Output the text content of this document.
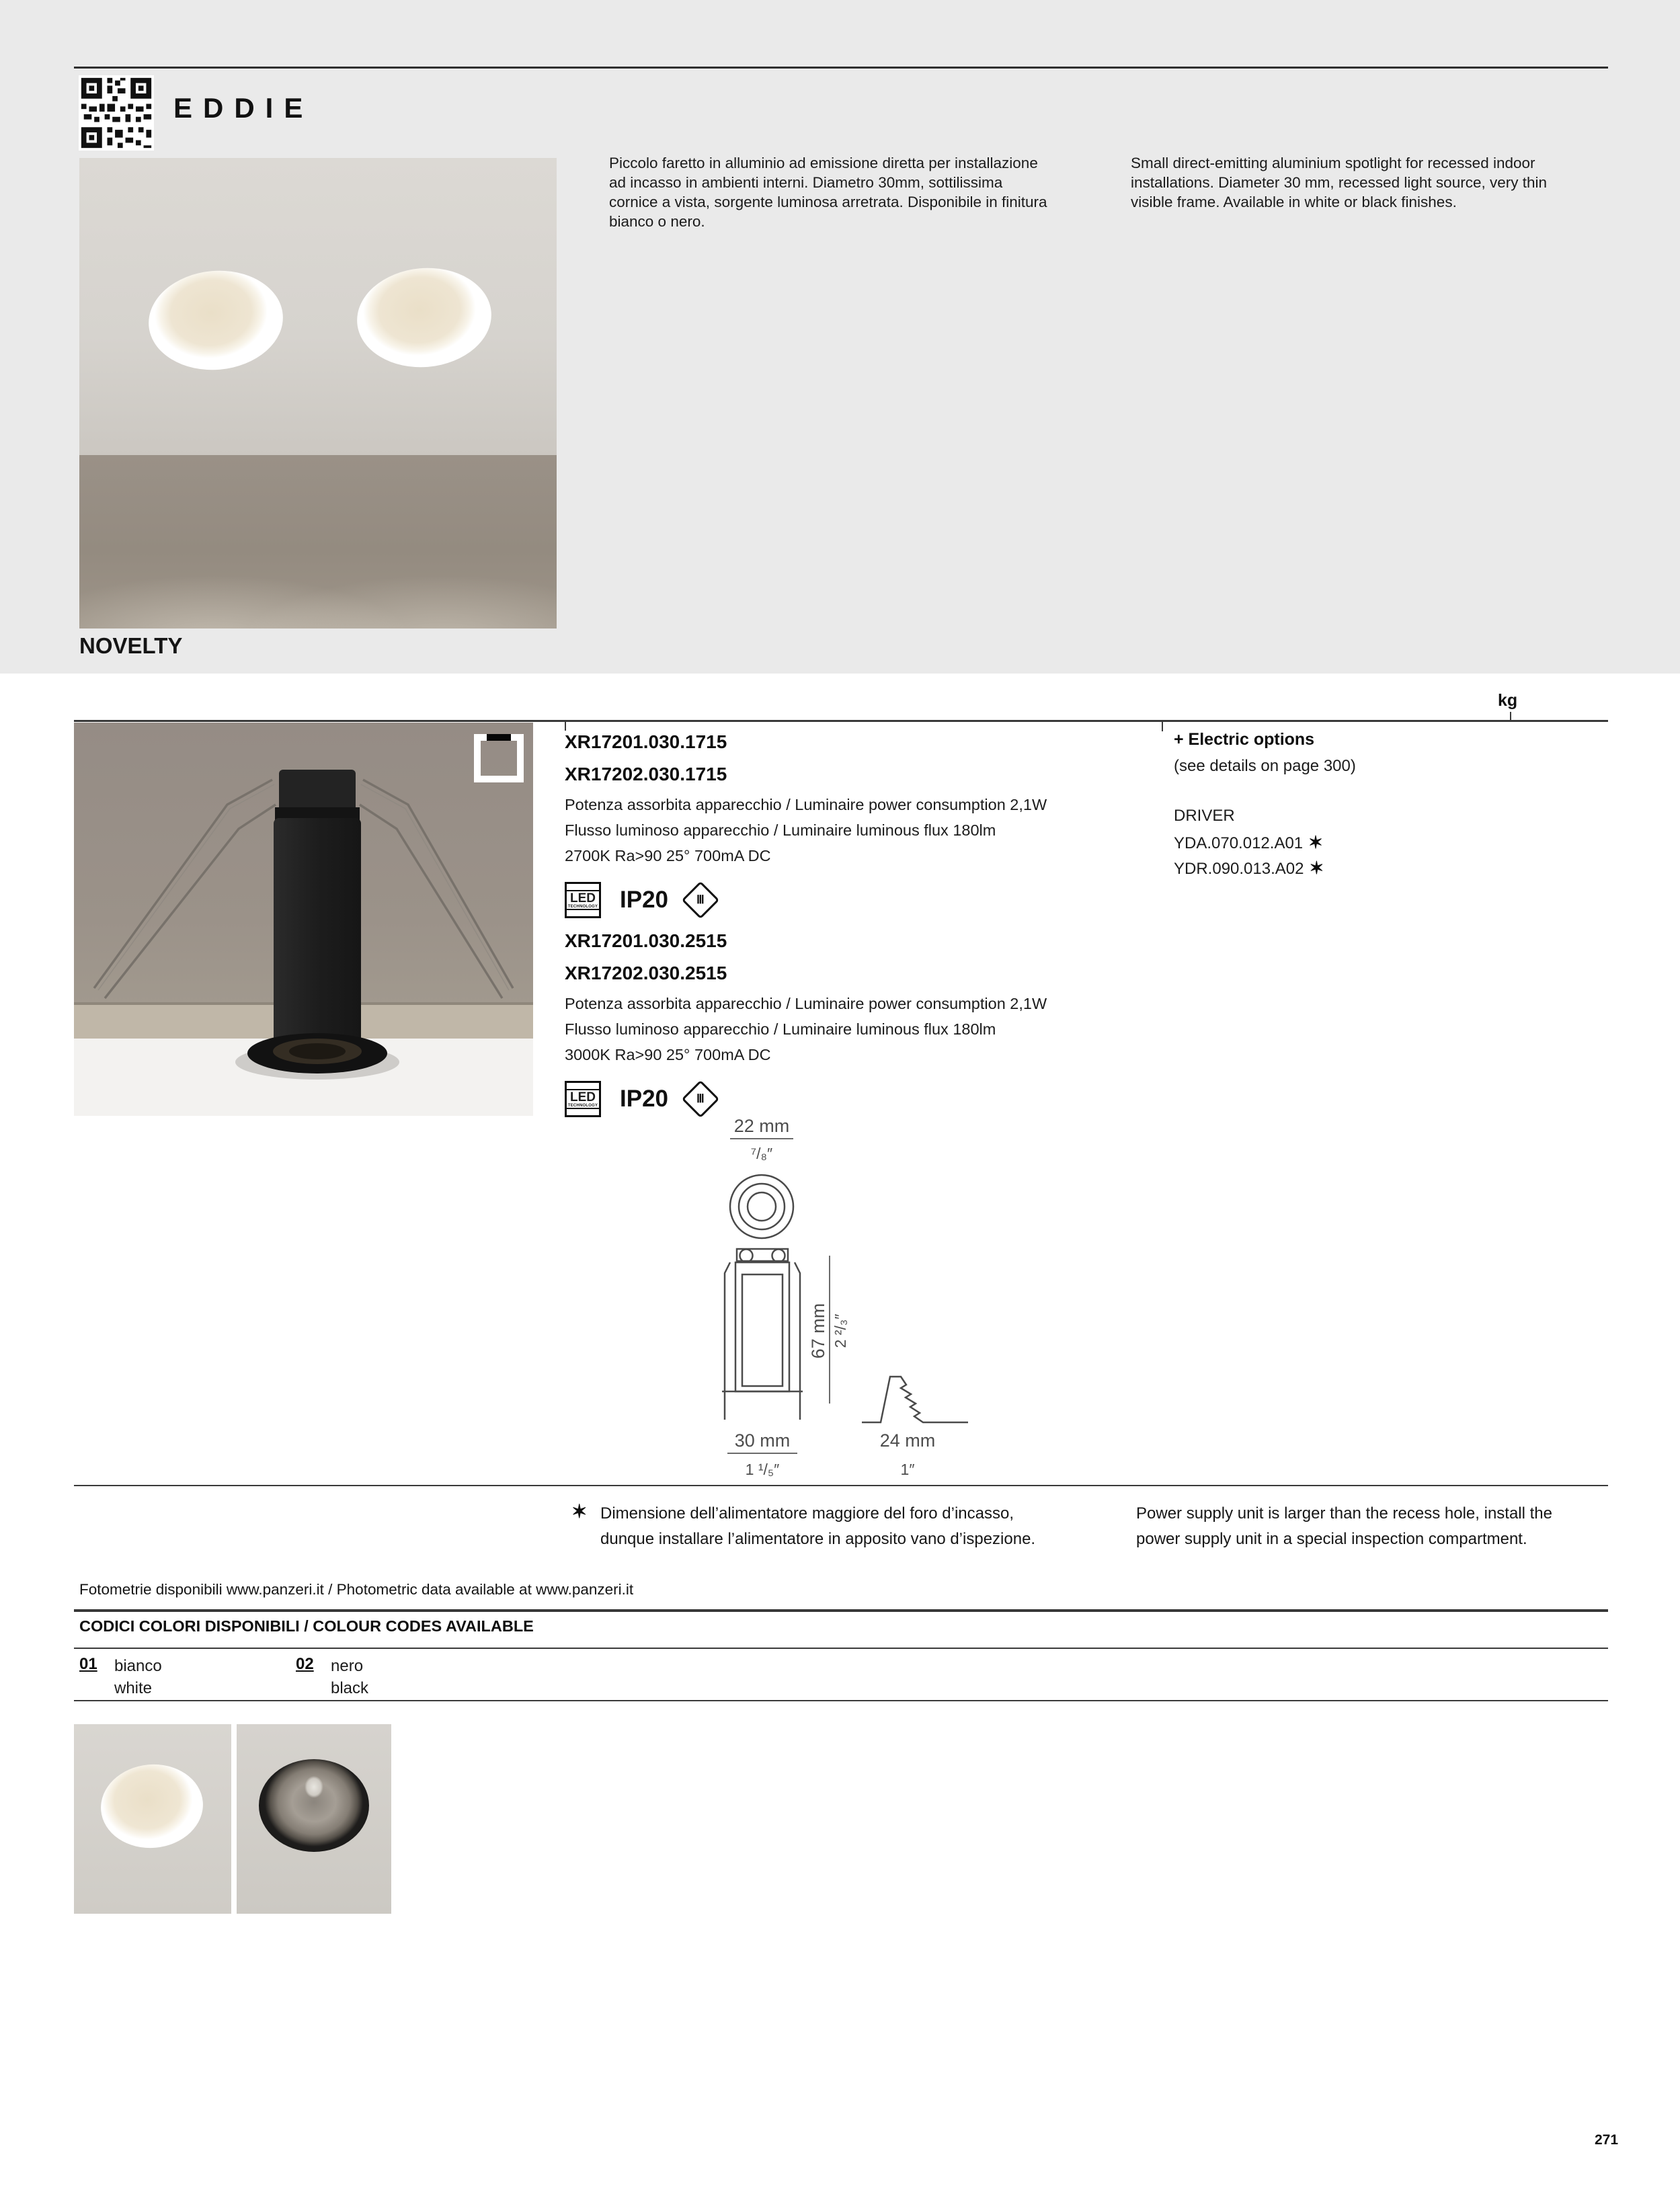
EDDIE
Piccolo faretto in alluminio ad emissione diretta per installazione
ad incasso in ambienti interni. Diametro 30mm, sottilissima
cornice a vista, sorgente luminosa arretrata. Disponibile in finitura
bianco o nero.
Small direct-emitting aluminium spotlight for recessed indoor
installations. Diameter 30 mm, recessed light source, very thin
visible frame. Available in white or black finishes.
NOVELTY
kg
XR17201.030.1715
XR17202.030.1715
Potenza assorbita apparecchio / Luminaire power consumption 2,1W
Flusso luminoso apparecchio / Luminaire luminous flux 180lm
2700K Ra>90 25° 700mA DC
LED
TECHNOLOGY IP20 Ⅲ
XR17201.030.2515
XR17202.030.2515
Potenza assorbita apparecchio / Luminaire power consumption 2,1W
Flusso luminoso apparecchio / Luminaire luminous flux 180lm
3000K Ra>90 25° 700mA DC
LED
TECHNOLOGY IP20 Ⅲ
+ Electric options
(see details on page 300)
DRIVER
YDA.070.012.A01 ✶
YDR.090.013.A02 ✶
22 mm
⁷/₈″
67 mm 2 ²/₃″
30 mm
1 ¹/₅″
24 mm
1″
✶ Dimensione dell’alimentatore maggiore del foro d’incasso,
dunque installare l’alimentatore in apposito vano d’ispezione.
Power supply unit is larger than the recess hole, install the
power supply unit in a special inspection compartment.
Fotometrie disponibili www.panzeri.it / Photometric data available at www.panzeri.it
CODICI COLORI DISPONIBILI / COLOUR CODES AVAILABLE
01 bianco
white
02 nero
black
271
